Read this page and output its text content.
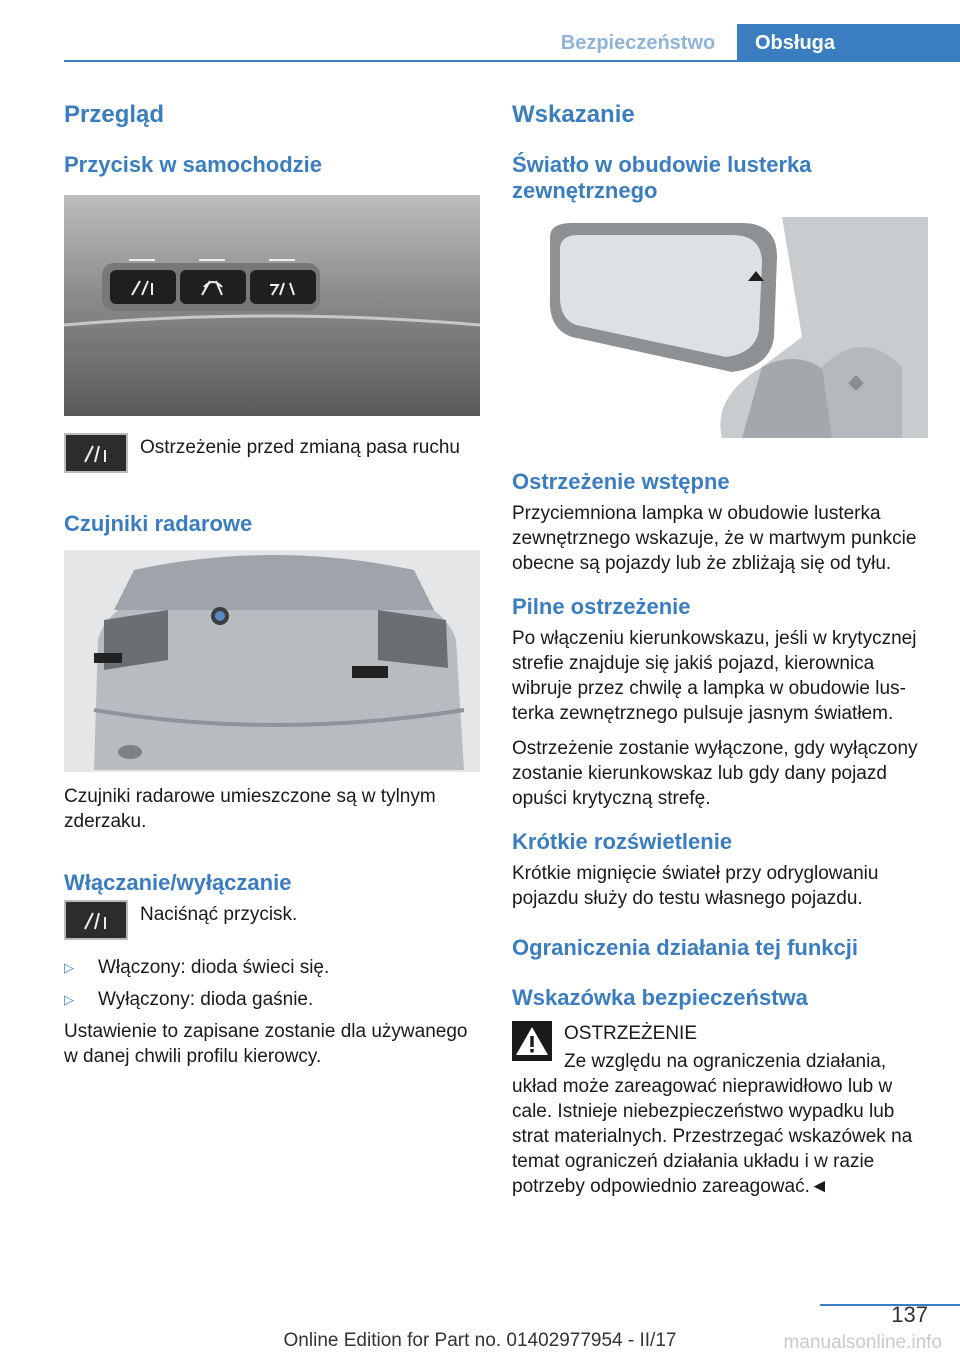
Bezpieczeństwo	Obsługa
Przegląd
Przycisk w samochodzie

Ostrzeżenie przed zmianą pasa ruchu

Czujniki radarowe

Czujniki radarowe umieszczone są w tylnym zderzaku.

Włączanie/wyłączanie

Naciśnąć przycisk.

▷	Włączony: dioda świeci się.
▷	Wyłączony: dioda gaśnie.

Ustawienie to zapisane zostanie dla używanego w danej chwili profilu kierowcy.

Wskazanie
Światło w obudowie lusterka zewnętrznego
Ostrzeżenie wstępne

Przyciemniona lampka w obudowie lusterka zewnętrznego wskazuje, że w martwym punkcie obecne są pojazdy lub że zbliżają się od tyłu.

Pilne ostrzeżenie

Po włączeniu kierunkowskazu, jeśli w krytycznej strefie znajduje się jakiś pojazd, kierownica wibruje przez chwilę a lampka w obudowie lusterka zewnętrznego pulsuje jasnym światłem.

Ostrzeżenie zostanie wyłączone, gdy wyłączony zostanie kierunkowskaz lub gdy dany pojazd opuści krytyczną strefę.

Krótkie rozświetlenie

Krótkie mignięcie świateł przy odryglowaniu pojazdu służy do testu własnego pojazdu.

Ograniczenia działania tej funkcji
Wskazówka bezpieczeństwa

OSTRZEŻENIE

Ze względu na ograniczenia działania,

układ może zareagować nieprawidłowo lub w cale. Istnieje niebezpieczeństwo wypadku lub strat materialnych. Przestrzegać wskazówek na temat ograniczeń działania układu i w razie potrzeby odpowiednio zareagować.◄

137
Online Edition for Part no. 01402977954 - II/17	manualsonline.info
